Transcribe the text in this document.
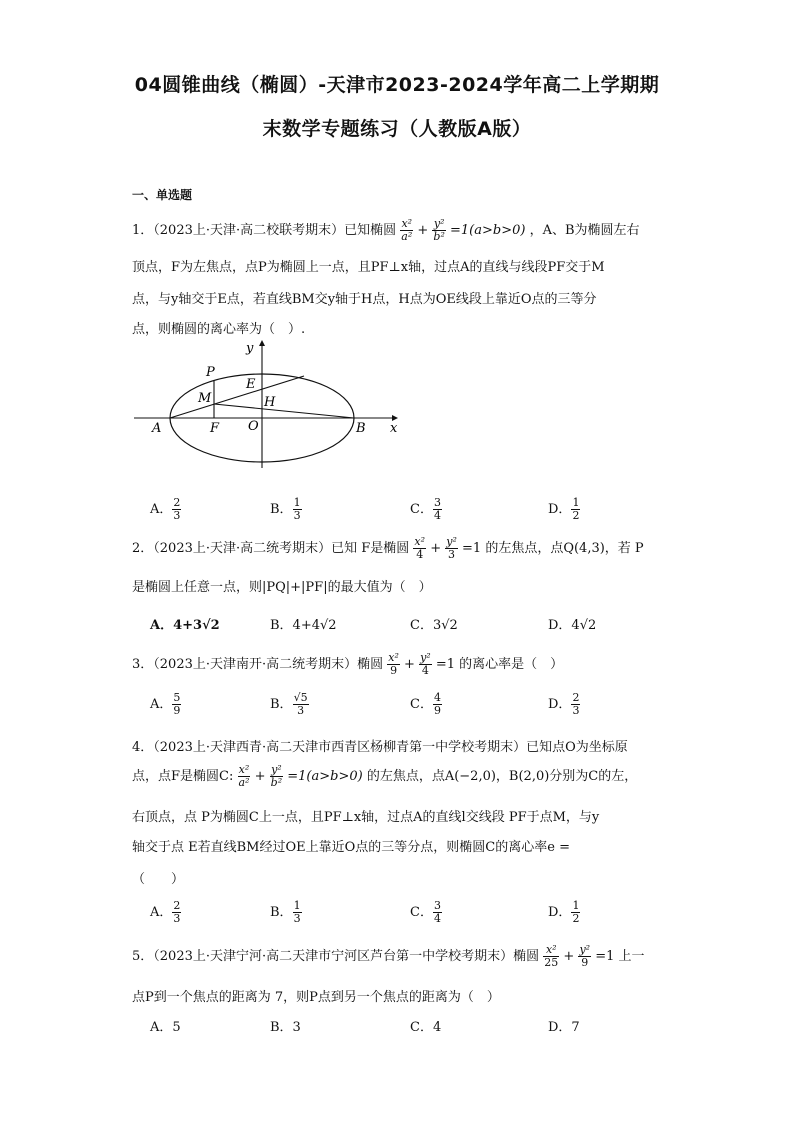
04圆锥曲线（椭圆）-天津市2023-2024学年高二上学期期
末数学专题练习（人教版A版）
一、单选题
1．（2023上·天津·高二校联考期末）已知椭圆 $\frac{\text{x²}}{\text{a²}} + \frac{\text{y²}}{\text{b²}} =1(a>b>0)$ ，A、B为椭圆左右
顶点，F为左焦点，点P为椭圆上一点，且PF⊥x轴，过点A的直线与线段PF交于M
点，与y轴交于E点，若直线BM交y轴于H点，H点为OE线段上靠近O点的三等分
点，则椭圆的离心率为（　）.
y
x
P
E
M	H
A	F O	B
A． $\frac{2}{3}$	B． $\frac{1}{3}$	C． $\frac{3}{4}$	D． $\frac{1}{2}$
2．（2023上·天津·高二统考期末）已知 F是椭圆 $\frac{\text{x²}}{4} + \frac{\text{y²}}{3} =1$ 的左焦点，点Q(4,3)，若 P
是椭圆上任意一点，则|PQ|+|PF|的最大值为（　）
A．4+3√2	B．4+4√2	C．3√2	D．4√2
3．（2023上·天津南开·高二统考期末）椭圆 $\frac{\text{x²}}{9} + \frac{\text{y²}}{4} =1$ 的离心率是（　）
A． $\frac{5}{9}$	B． $\frac{√5}{3}$	C． $\frac{4}{9}$	D． $\frac{2}{3}$
4．（2023上·天津西青·高二天津市西青区杨柳青第一中学校考期末）已知点O为坐标原
点，点F是椭圆C: $\frac{\text{x²}}{\text{a²}} + \frac{\text{y²}}{\text{b²}} =1(a>b>0)$ 的左焦点，点A(−2,0)，B(2,0)分别为C的左，
右顶点，点 P为椭圆C上一点，且PF⊥x轴，过点A的直线l交线段 PF于点M，与y
轴交于点 E若直线BM经过OE上靠近O点的三等分点，则椭圆C的离心率e =
（　　）
A． $\frac{2}{3}$	B． $\frac{1}{3}$	C． $\frac{3}{4}$	D． $\frac{1}{2}$
5．（2023上·天津宁河·高二天津市宁河区芦台第一中学校考期末）椭圆 $\frac{\text{x²}}{25} + \frac{\text{y²}}{9} =1$ 上一
点P到一个焦点的距离为 7，则P点到另一个焦点的距离为（　）
A．5	B．3	C．4	D．7
